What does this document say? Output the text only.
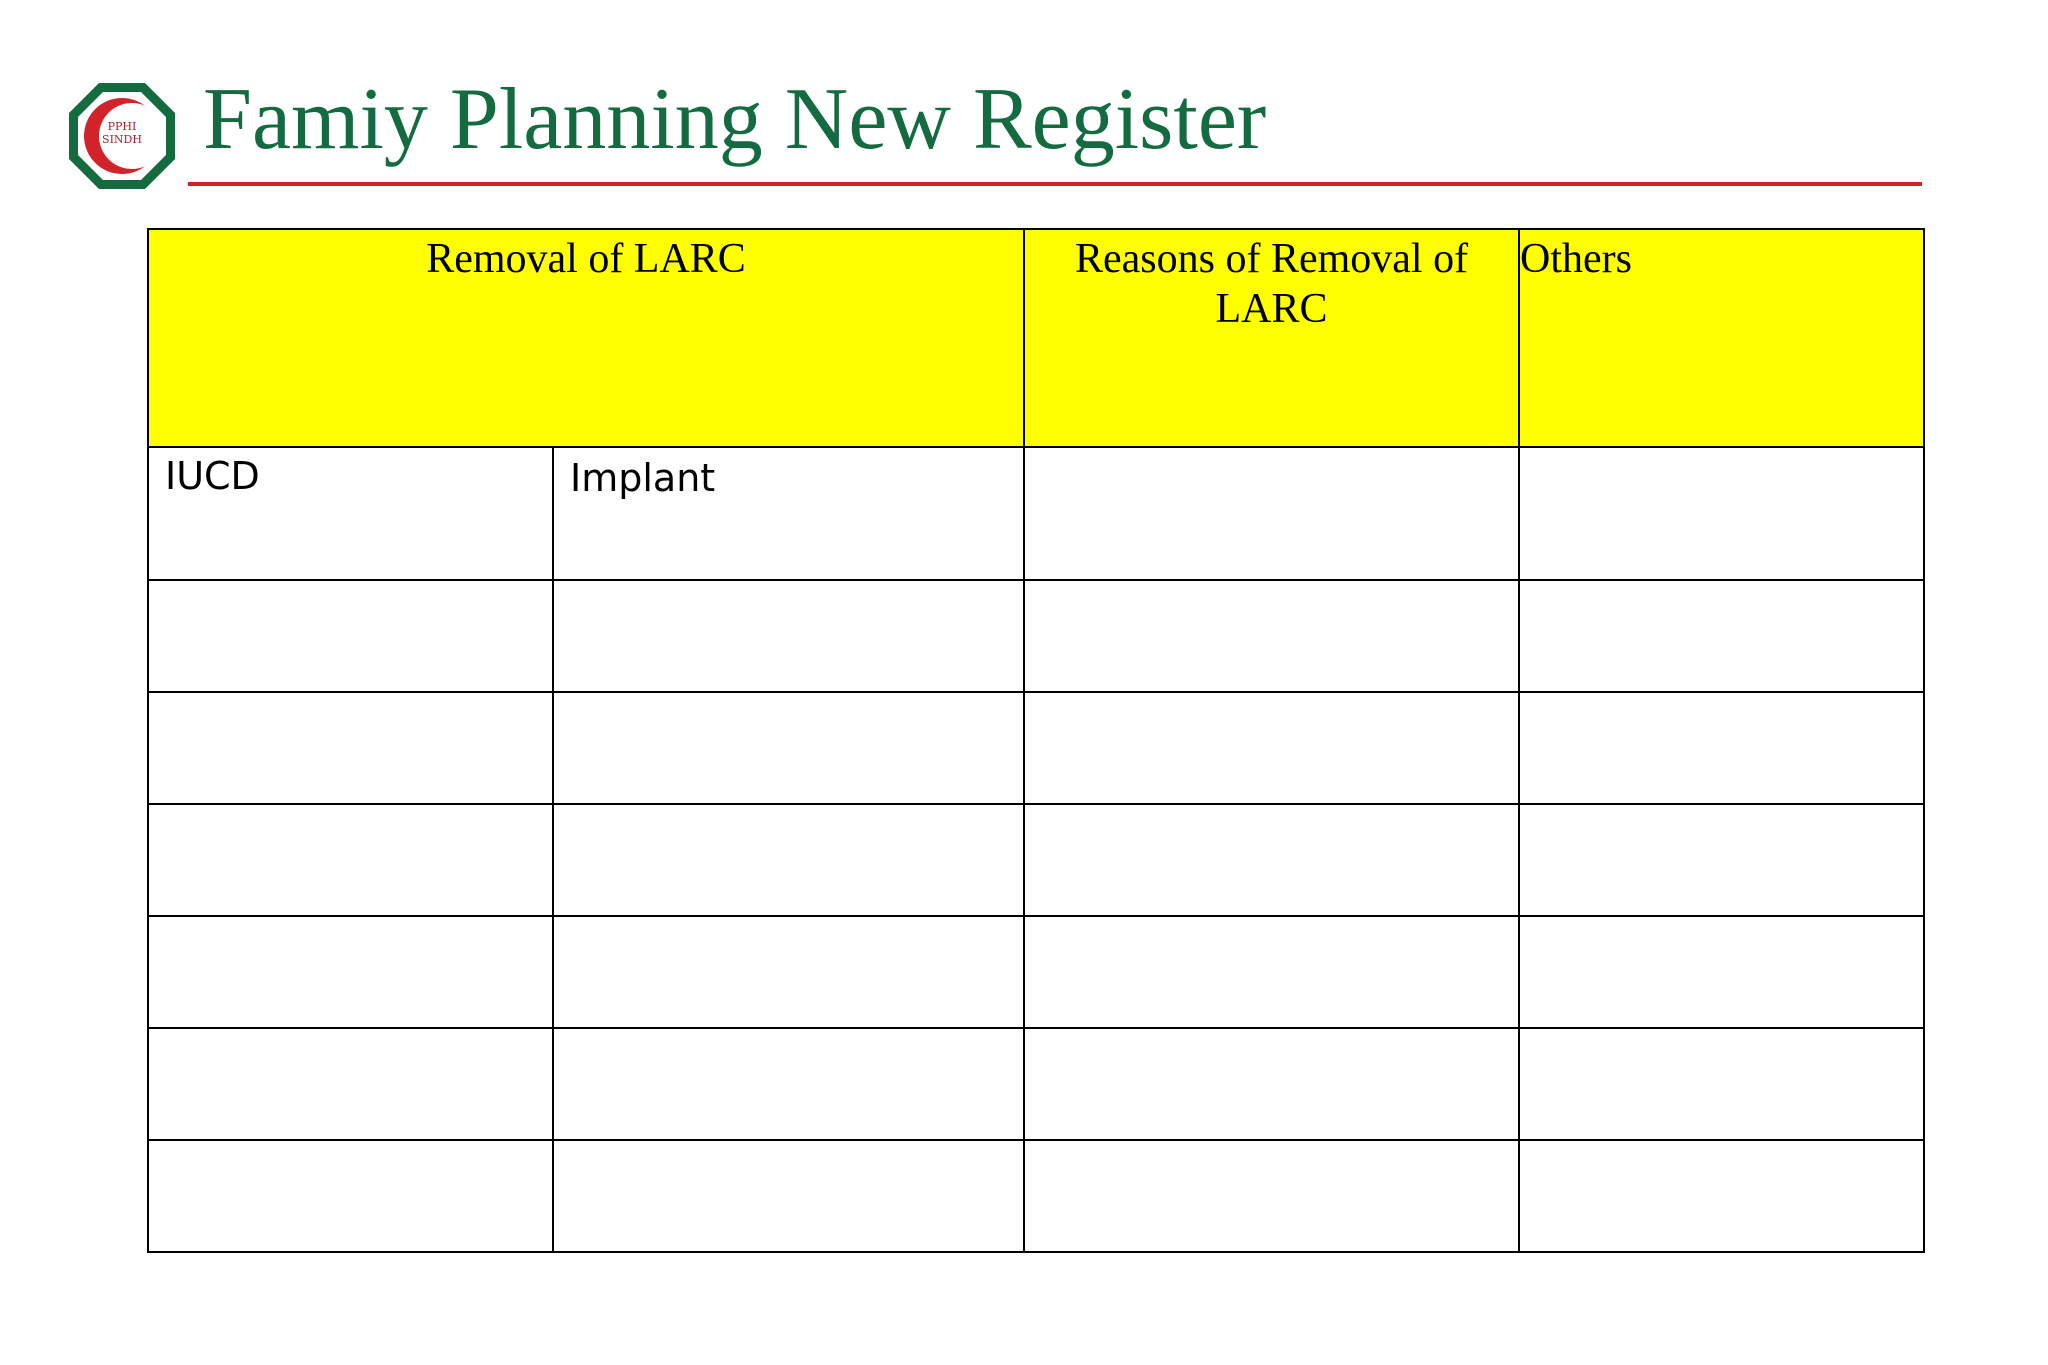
PPHI
SINDH Famiy Planning New Register
Removal of LARC		Reasons of Removal of LARC	Others
IUCD	Implant		
